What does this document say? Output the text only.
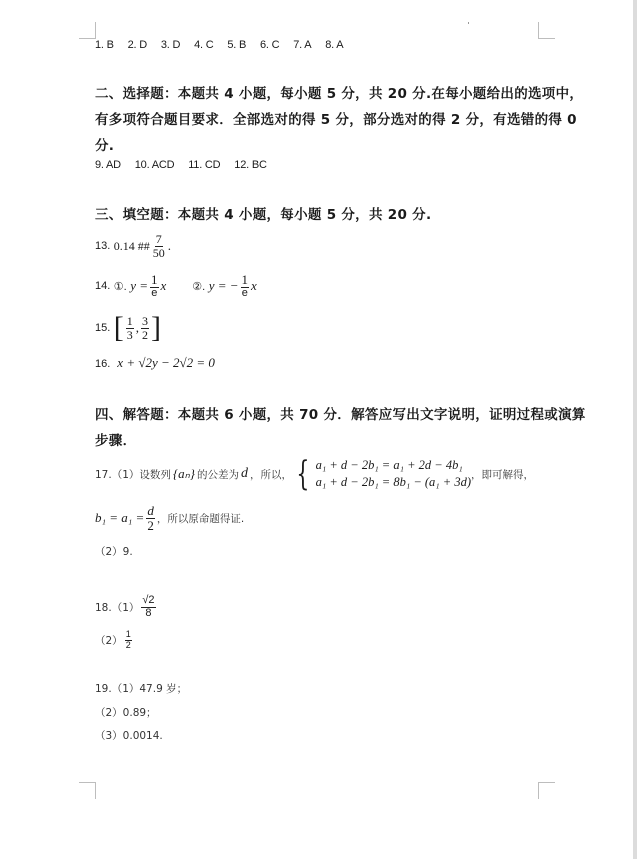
1. B 2. D 3. D 4. C 5. B 6. C 7. A 8. A
二、选择题：本题共 4 小题，每小题 5 分，共 20 分.在每小题给出的选项中，
有多项符合题目要求．全部选对的得 5 分，部分选对的得 2 分，有选错的得 0
分.
9. AD 10. ACD 11. CD 12. BC
三、填空题：本题共 4 小题，每小题 5 分，共 20 分.
13.
0.14 ## $\frac{7}{50}$ .
14.
①.
$y = \frac{1}{e}$ x ②.
y = − $\frac{1}{e}$ x
15.
[ $\frac{1}{3}$ , $\frac{3}{2}$ ]
16. x + √2y − 2√2 = 0
四、解答题：本题共 6 小题，共 70 分．解答应写出文字说明，证明过程或演算
步骤．
17.（1）设数列 {aₙ} 的公差为 d ，所以， { a₁ + d − 2b₁ = a₁ + 2d − 4b₁
a₁ + d − 2b₁ = 8b₁ − (a₁ + 3d)
，即可解得，
$b_1 = a_1 = \frac{d}{2}$ ，所以原命题得证.
（2）9.
$18.(1) \frac{√2}{8}$
$(2) \frac{1}{2}$
19.（1）47.9 岁；
（2）0.89；
（3）0.0014.
